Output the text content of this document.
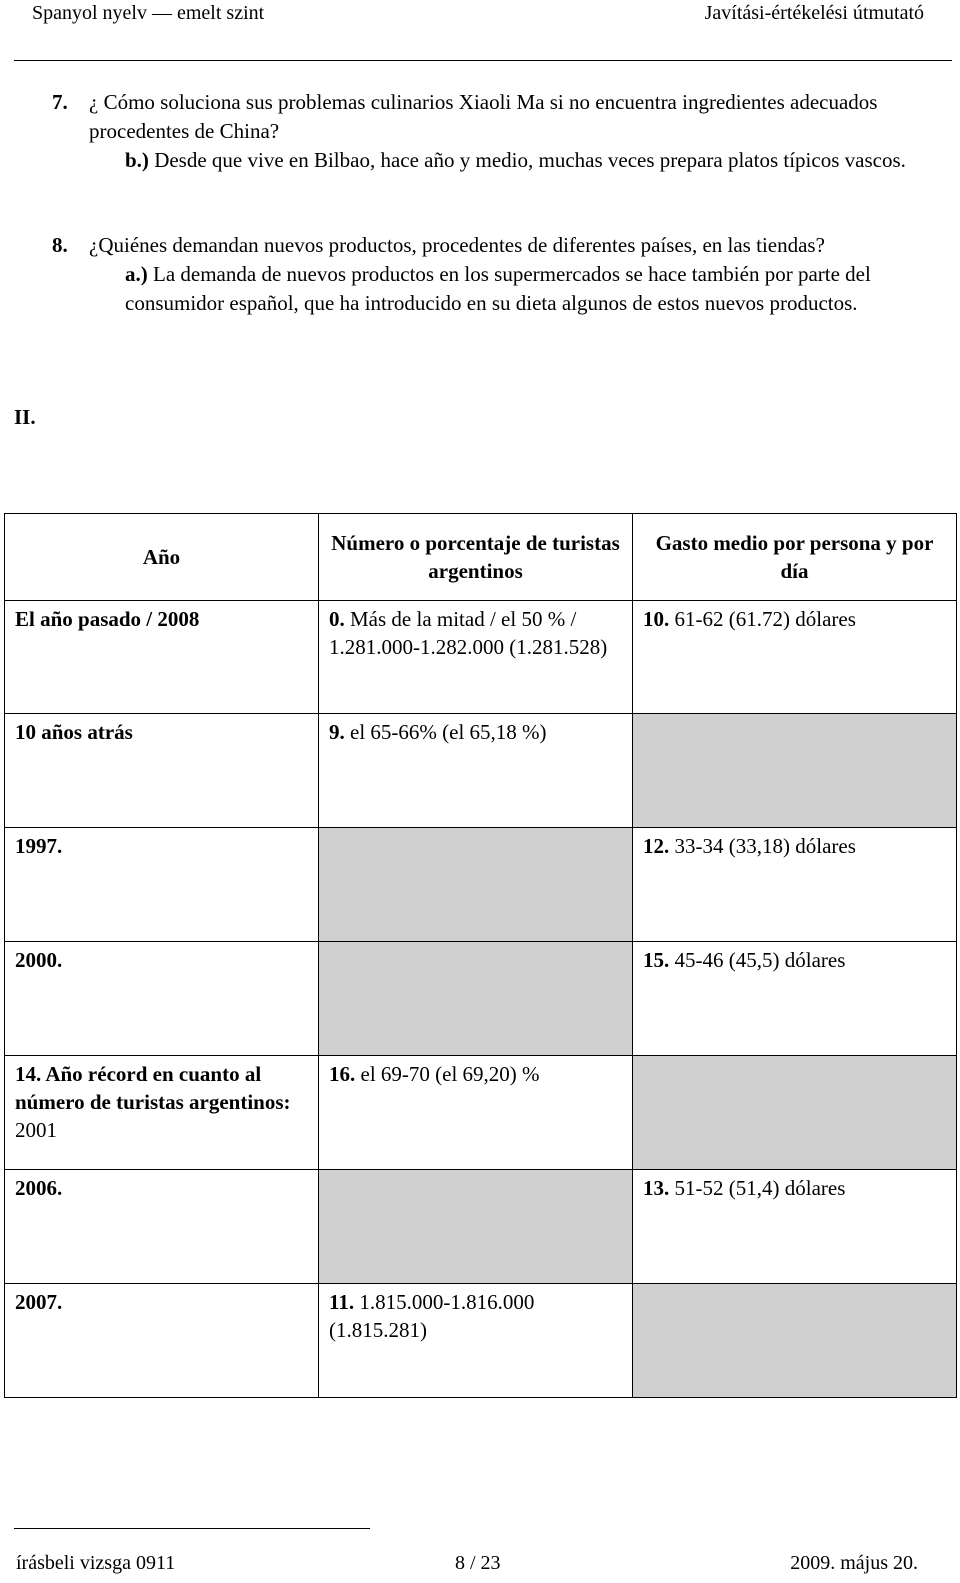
Spanyol nyelv — emelt szint	Javítási-értékelési útmutató
7. ¿ Cómo soluciona sus problemas culinarios Xiaoli Ma si no encuentra ingredientes adecuados procedentes de China?
b.) Desde que vive en Bilbao, hace año y medio, muchas veces prepara platos típicos vascos.
8. ¿Quiénes demandan nuevos productos, procedentes de diferentes países, en las tiendas?
a.) La demanda de nuevos productos en los supermercados se hace también por parte del consumidor español, que ha introducido en su dieta algunos de estos nuevos productos.
II.
Año	Número o porcentaje de turistas argentinos	Gasto medio por persona y por día
El año pasado / 2008	0. Más de la mitad / el 50 % / 1.281.000-1.282.000 (1.281.528)	10. 61-62 (61.72) dólares
10 años atrás	9. el 65-66% (el 65,18 %)	
1997.		12. 33-34 (33,18) dólares
2000.		15. 45-46 (45,5) dólares
14. Año récord en cuanto al número de turistas argentinos: 2001	16. el 69-70 (el 69,20) %	
2006.		13. 51-52 (51,4) dólares
2007.	11. 1.815.000-1.816.000 (1.815.281)	
írásbeli vizsga 0911	8 / 23	2009. május 20.
